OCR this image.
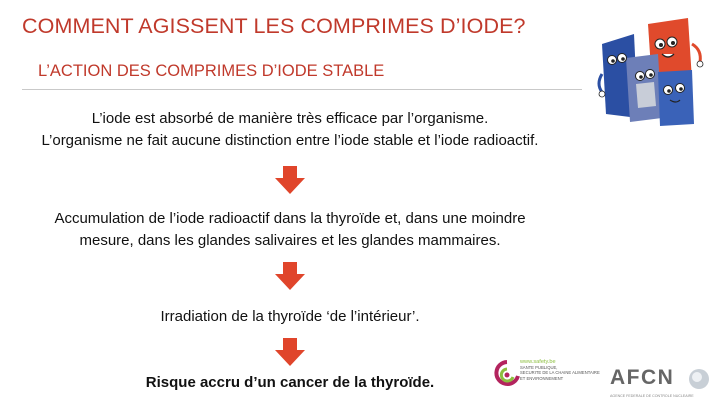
COMMENT AGISSENT LES COMPRIMES D’IODE?
L’ACTION DES COMPRIMES D’IODE STABLE
L’iode est absorbé de manière très efficace par l’organisme.
L’organisme ne fait aucune distinction entre l’iode stable et l’iode radioactif.
Accumulation de l’iode radioactif dans la thyroïde et, dans une moindre
mesure, dans les glandes salivaires et les glandes mammaires.
Irradiation de la thyroïde ‘de l’intérieur’.
Risque accru d’un cancer de la thyroïde.
www.safety.be
SANTE PUBLIQUE,
SECURITE DE LA CHAINE ALIMENTAIRE
ET ENVIRONNEMENT	AFCN
AGENCE FEDERALE DE CONTROLE NUCLEAIRE
